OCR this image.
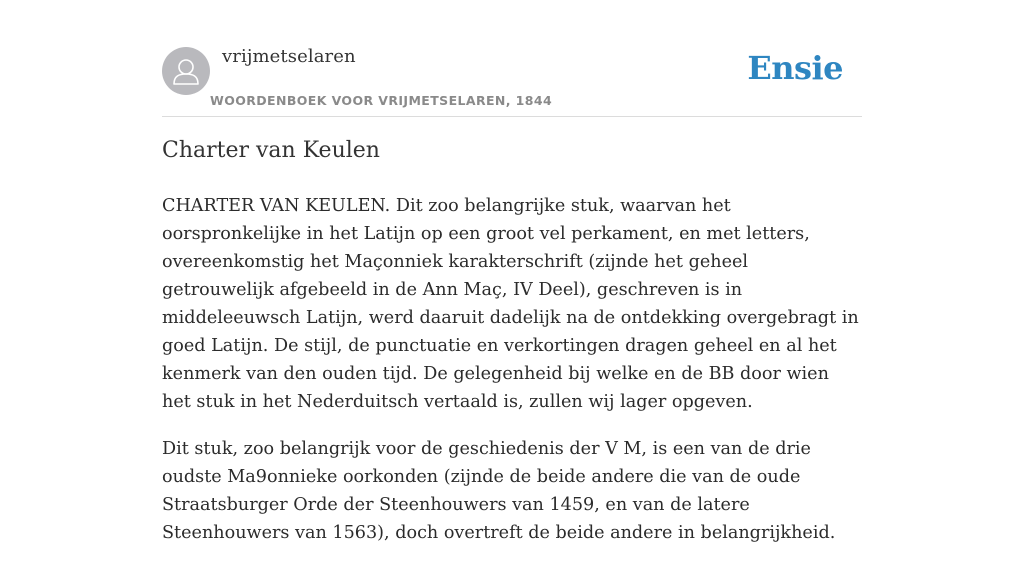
vrijmetselaren
WOORDENBOEK VOOR VRIJMETSELAREN, 1844
Ensie
Charter van Keulen

CHARTER VAN KEULEN. Dit zoo belangrijke stuk, waarvan het oorspronkelijke in het Latijn op een groot vel perkament, en met letters, overeenkomstig het Maçonniek karakterschrift (zijnde het geheel getrouwelijk afgebeeld in de Ann Maç, IV Deel), geschreven is in middeleeuwsch Latijn, werd daaruit dadelijk na de ontdekking overgebragt in goed Latijn. De stijl, de punctuatie en verkortingen dragen geheel en al het kenmerk van den ouden tijd. De gelegenheid bij welke en de BB door wien het stuk in het Nederduitsch vertaald is, zullen wij lager opgeven.

Dit stuk, zoo belangrijk voor de geschiedenis der V M, is een van de drie oudste Ma9onnieke oorkonden (zijnde de beide andere die van de oude Straatsburger Orde der Steenhouwers van 1459, en van de latere Steenhouwers van 1563), doch overtreft de beide andere in belangrijkheid.
